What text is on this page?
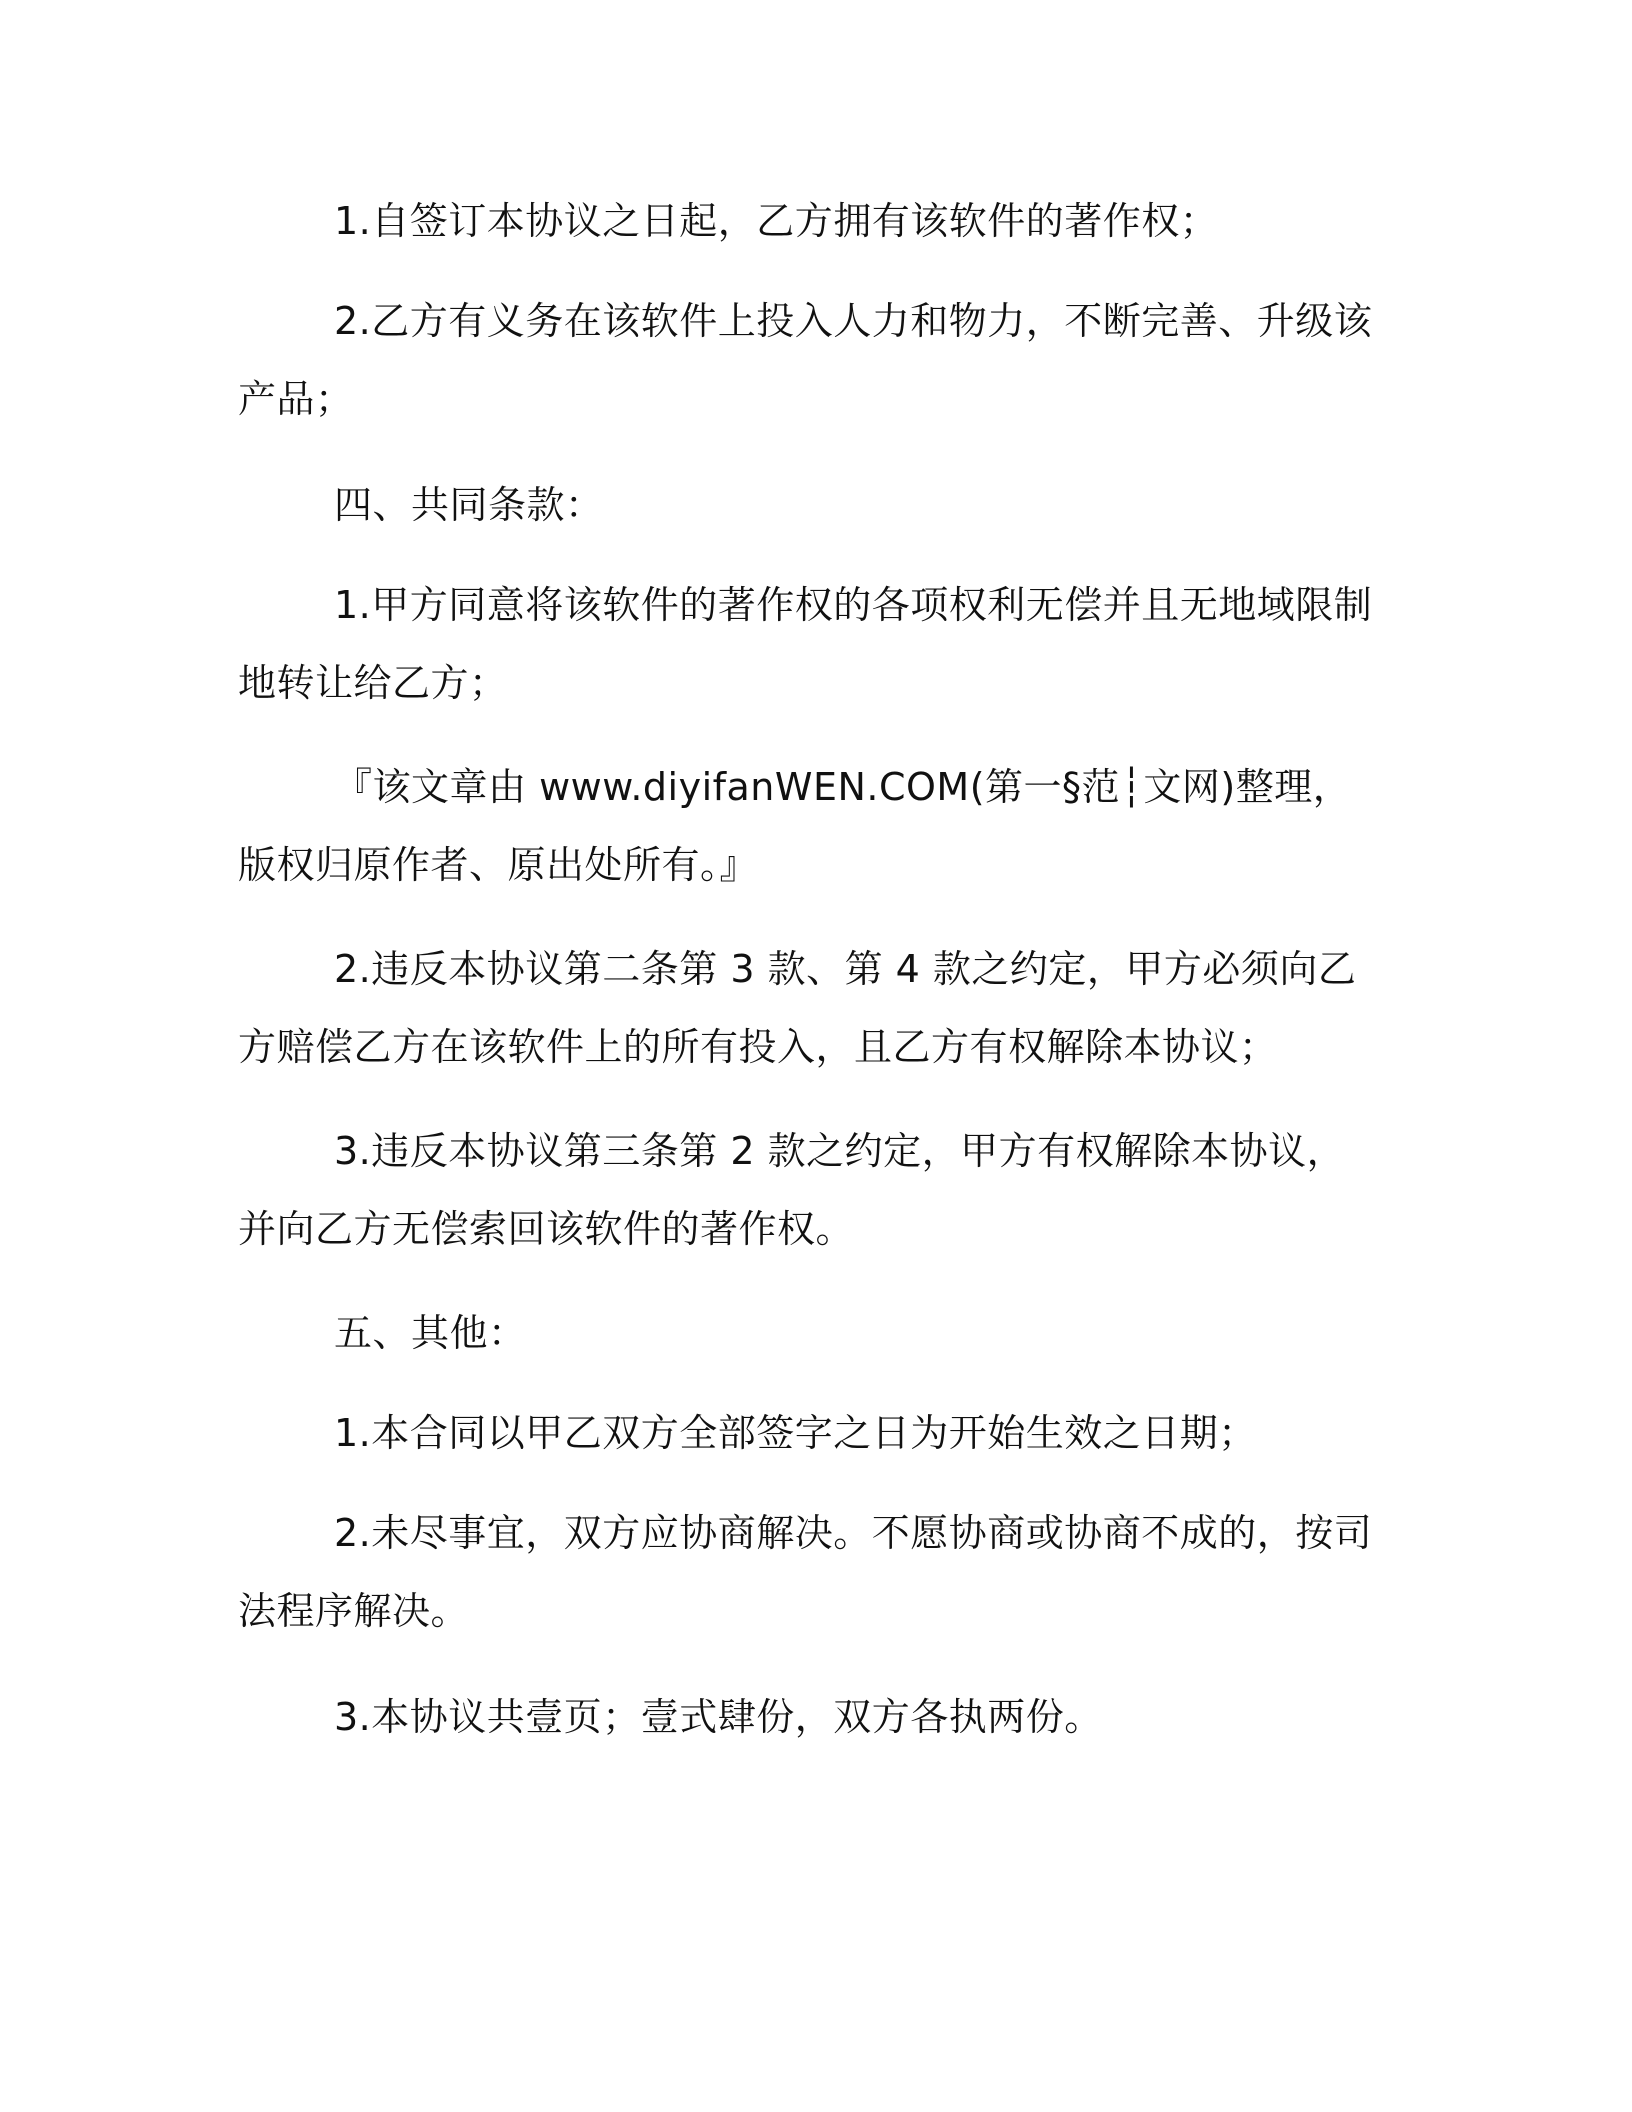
1.自签订本协议之日起，乙方拥有该软件的著作权；

2.乙方有义务在该软件上投入人力和物力，不断完善、升级该产品；

四、共同条款：

1.甲方同意将该软件的著作权的各项权利无偿并且无地域限制地转让给乙方；

『该文章由 www.diyifanWEN.COM(第一§范┆文网)整理，版权归原作者、原出处所有。』

2.违反本协议第二条第 3 款、第 4 款之约定，甲方必须向乙方赔偿乙方在该软件上的所有投入，且乙方有权解除本协议；

3.违反本协议第三条第 2 款之约定，甲方有权解除本协议，并向乙方无偿索回该软件的著作权。

五、其他：

1.本合同以甲乙双方全部签字之日为开始生效之日期；

2.未尽事宜，双方应协商解决。不愿协商或协商不成的，按司法程序解决。

3.本协议共壹页；壹式肆份，双方各执两份。
